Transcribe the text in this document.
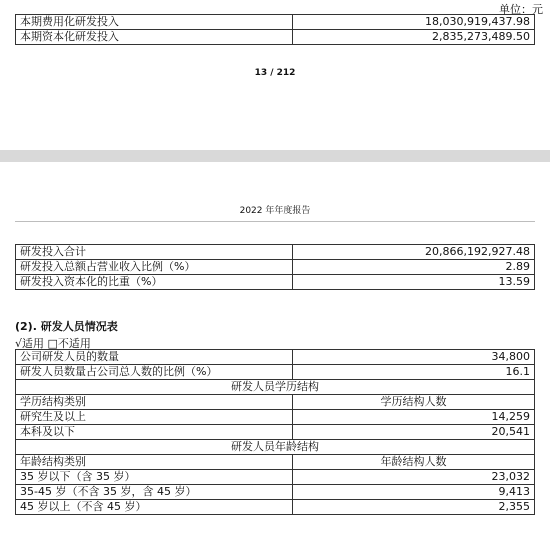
单位：元
本期费用化研发投入	18,030,919,437.98
本期资本化研发投入	2,835,273,489.50
13 / 212
2022 年年度报告
研发投入合计	20,866,192,927.48
研发投入总额占营业收入比例（%）	2.89
研发投入资本化的比重（%）	13.59
(2). 研发人员情况表
√适用 □不适用
公司研发人员的数量	34,800
研发人员数量占公司总人数的比例（%）	16.1
研发人员学历结构	
学历结构类别	学历结构人数
研究生及以上	14,259
本科及以下	20,541
研发人员年龄结构	
年龄结构类别	年龄结构人数
35 岁以下（含 35 岁）	23,032
35-45 岁（不含 35 岁，含 45 岁）	9,413
45 岁以上（不含 45 岁）	2,355
